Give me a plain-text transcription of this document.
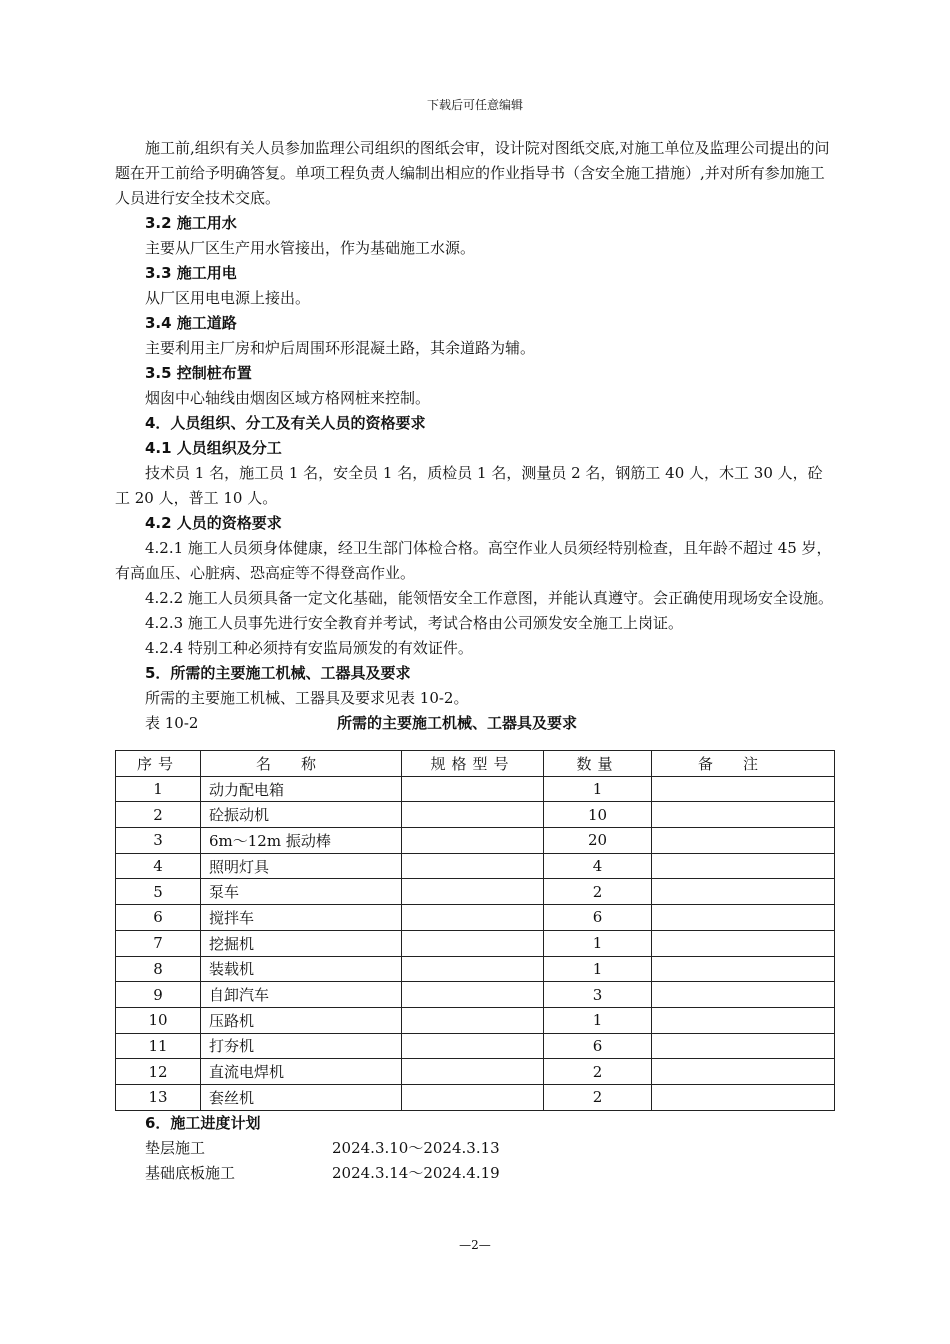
下载后可任意编辑

施工前,组织有关人员参加监理公司组织的图纸会审，设计院对图纸交底,对施工单位及监理公司提出的问题在开工前给予明确答复。单项工程负责人编制出相应的作业指导书（含安全施工措施）,并对所有参加施工人员进行安全技术交底。

3.2 施工用水

主要从厂区生产用水管接出，作为基础施工水源。

3.3 施工用电

从厂区用电电源上接出。

3.4 施工道路

主要利用主厂房和炉后周围环形混凝土路，其余道路为辅。

3.5 控制桩布置

烟囱中心轴线由烟囱区域方格网桩来控制。

4．人员组织、分工及有关人员的资格要求

4.1 人员组织及分工

技术员 1 名，施工员 1 名，安全员 1 名，质检员 1 名，测量员 2 名，钢筋工 40 人，木工 30 人，砼工 20 人，普工 10 人。

4.2 人员的资格要求

4.2.1 施工人员须身体健康，经卫生部门体检合格。高空作业人员须经特别检查，且年龄不超过 45 岁，有高血压、心脏病、恐高症等不得登高作业。

4.2.2 施工人员须具备一定文化基础，能领悟安全工作意图，并能认真遵守。会正确使用现场安全设施。

4.2.3 施工人员事先进行安全教育并考试，考试合格由公司颁发安全施工上岗证。

4.2.4 特别工种必须持有安监局颁发的有效证件。

5．所需的主要施工机械、工器具及要求

所需的主要施工机械、工器具及要求见表 10-2。

表 10-2	所需的主要施工机械、工器具及要求
序号	名称	规格型号	数量	备注
1	动力配电箱		1	
2	砼振动机		10	
3	6m～12m 振动棒		20	
4	照明灯具		4	
5	泵车		2	
6	搅拌车		6	
7	挖掘机		1	
8	装载机		1	
9	自卸汽车		3	
10	压路机		1	
11	打夯机		6	
12	直流电焊机		2	
13	套丝机		2	

6．施工进度计划

垫层施工	2024.3.10～2024.3.13
基础底板施工	2024.3.14～2024.4.19
—2—
